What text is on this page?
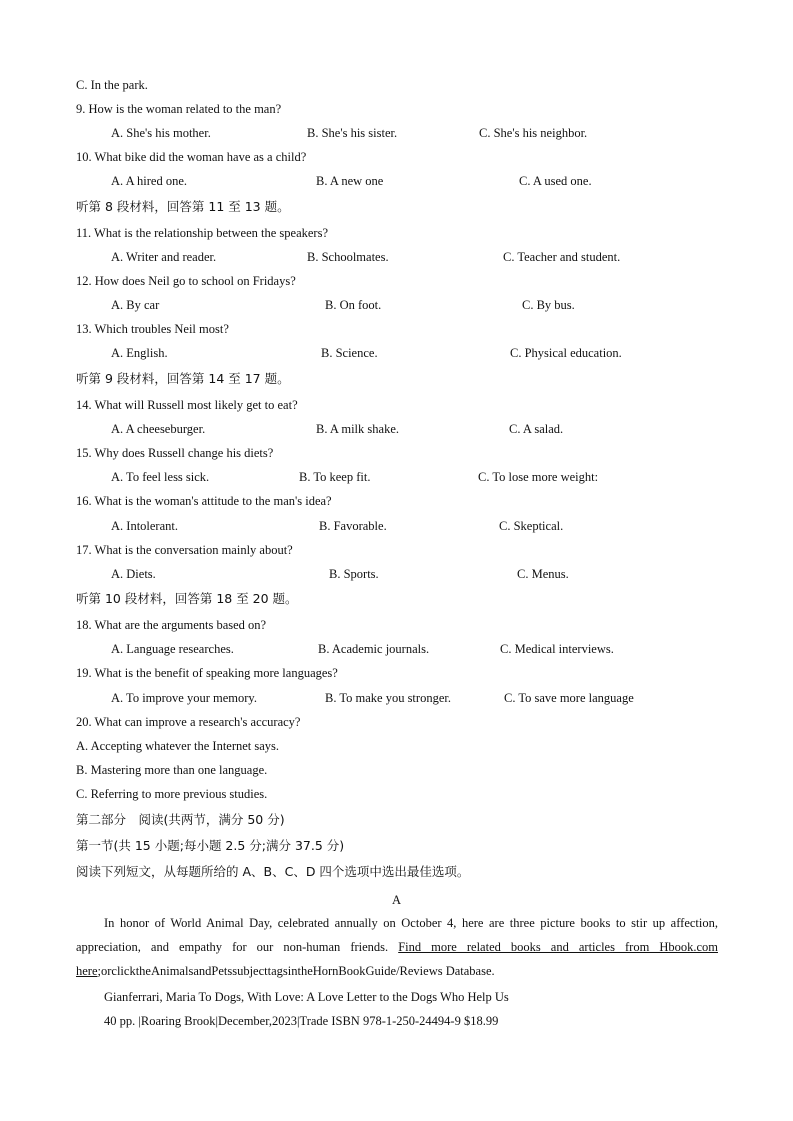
C. In the park.
9. How is the woman related to the man?
A. She's his mother.	B. She's his sister.	C. She's his neighbor.
10. What bike did the woman have as a child?
A. A hired one.	B. A new one	C. A used one.
听第 8 段材料，回答第 11 至 13 题。
11. What is the relationship between the speakers?
A. Writer and reader.	B. Schoolmates.	C. Teacher and student.
12. How does Neil go to school on Fridays?
A. By car	B. On foot.	C. By bus.
13. Which troubles Neil most?
A. English.	B. Science.	C. Physical education.
听第 9 段材料，回答第 14 至 17 题。
14. What will Russell most likely get to eat?
A. A cheeseburger.	B. A milk shake.	C. A salad.
15. Why does Russell change his diets?
A. To feel less sick.	B. To keep fit.	C. To lose more weight:
16. What is the woman's attitude to the man's idea?
A. Intolerant.	B. Favorable.	C. Skeptical.
17. What is the conversation mainly about?
A. Diets.	B. Sports.	C. Menus.
听第 10 段材料，回答第 18 至 20 题。
18. What are the arguments based on?
A. Language researches.	B. Academic journals.	C. Medical interviews.
19. What is the benefit of speaking more languages?
A. To improve your memory.	B. To make you stronger.	C. To save more language
20. What can improve a research's accuracy?
A. Accepting whatever the Internet says.
B. Mastering more than one language.
C. Referring to more previous studies.
第二部分　阅读(共两节，满分 50 分)
第一节(共 15 小题;每小题 2.5 分;满分 37.5 分)
阅读下列短文，从每题所给的 A、B、C、D 四个选项中选出最佳选项。
A
In honor of World Animal Day, celebrated annually on October 4, here are three picture books to stir up affection, appreciation, and empathy for our non-human friends. Find more related books and articles from Hbook.com here;orclicktheAnimalsandPetssubjecttagsintheHornBookGuide/Reviews Database.
Gianferrari, Maria To Dogs, With Love: A Love Letter to the Dogs Who Help Us
40 pp. |Roaring Brook|December,2023|Trade ISBN 978-1-250-24494-9 $18.99
